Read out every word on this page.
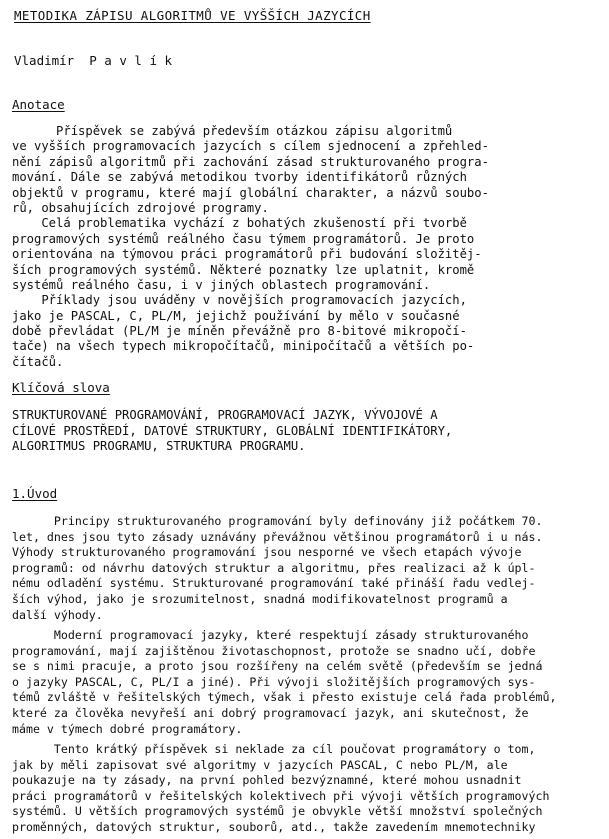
METODIKA ZÁPISU ALGORITMŮ VE VYŠŠÍCH JAZYCÍCH
Vladimír  P a v l í k
Anotace
Příspěvek se zabývá především otázkou zápisu algoritmů
ve vyšších programovacích jazycích s cílem sjednocení a zpřehled-
nění zápisů algoritmů při zachování zásad strukturovaného progra-
mování. Dále se zabývá metodikou tvorby identifikátorů různých
objektů v programu, které mají globální charakter, a názvů soubo-
rů, obsahujících zdrojové programy.
Celá problematika vychází z bohatých zkušeností při tvorbě
programových systémů reálného času týmem programátorů. Je proto
orientována na týmovou práci programátorů při budování složitěj-
ších programových systémů. Některé poznatky lze uplatnit, kromě
systémů reálného času, i v jiných oblastech programování.
Příklady jsou uváděny v novějších programovacích jazycích,
jako je PASCAL, C, PL/M, jejichž používání by mělo v současné
době převládat (PL/M je míněn převážně pro 8-bitové mikropočí-
tače) na všech typech mikropočítačů, minipočítačů a větších po-
čítačů.
Klíčová slova
STRUKTUROVANÉ PROGRAMOVÁNÍ, PROGRAMOVACÍ JAZYK, VÝVOJOVÉ A
CÍLOVÉ PROSTŘEDÍ, DATOVÉ STRUKTURY, GLOBÁLNÍ IDENTIFIKÁTORY,
ALGORITMUS PROGRAMU, STRUKTURA PROGRAMU.
1.Úvod
Principy strukturovaného programování byly definovány již počátkem 70.
let, dnes jsou tyto zásady uznávány převážnou většinou programátorů i u nás.
Výhody strukturovaného programování jsou nesporné ve všech etapách vývoje
programů: od návrhu datových struktur a algoritmu, přes realizaci až k úpl-
nému odladění systému. Strukturované programování také přináší řadu vedlej-
ších výhod, jako je srozumitelnost, snadná modifikovatelnost programů a
další výhody.
Moderní programovací jazyky, které respektují zásady strukturovaného
programování, mají zajištěnou životaschopnost, protože se snadno učí, dobře
se s nimi pracuje, a proto jsou rozšířeny na celém světě (především se jedná
o jazyky PASCAL, C, PL/I a jiné). Při vývoji složitějších programových sys-
témů zvláště v řešitelských týmech, však i přesto existuje celá řada problémů,
které za člověka nevyřeší ani dobrý programovací jazyk, ani skutečnost, že
máme v týmech dobré programátory.
Tento krátký příspěvek si neklade za cíl poučovat programátory o tom,
jak by měli zapisovat své algoritmy v jazycích PASCAL, C nebo PL/M, ale
poukazuje na ty zásady, na první pohled bezvýznamné, které mohou usnadnit
práci programátorů v řešitelských kolektivech při vývoji větších programových
systémů. U větších programových systémů je obvykle větší množství společných
proměnných, datových struktur, souborů, atd., takže zavedením mnemotechniky
